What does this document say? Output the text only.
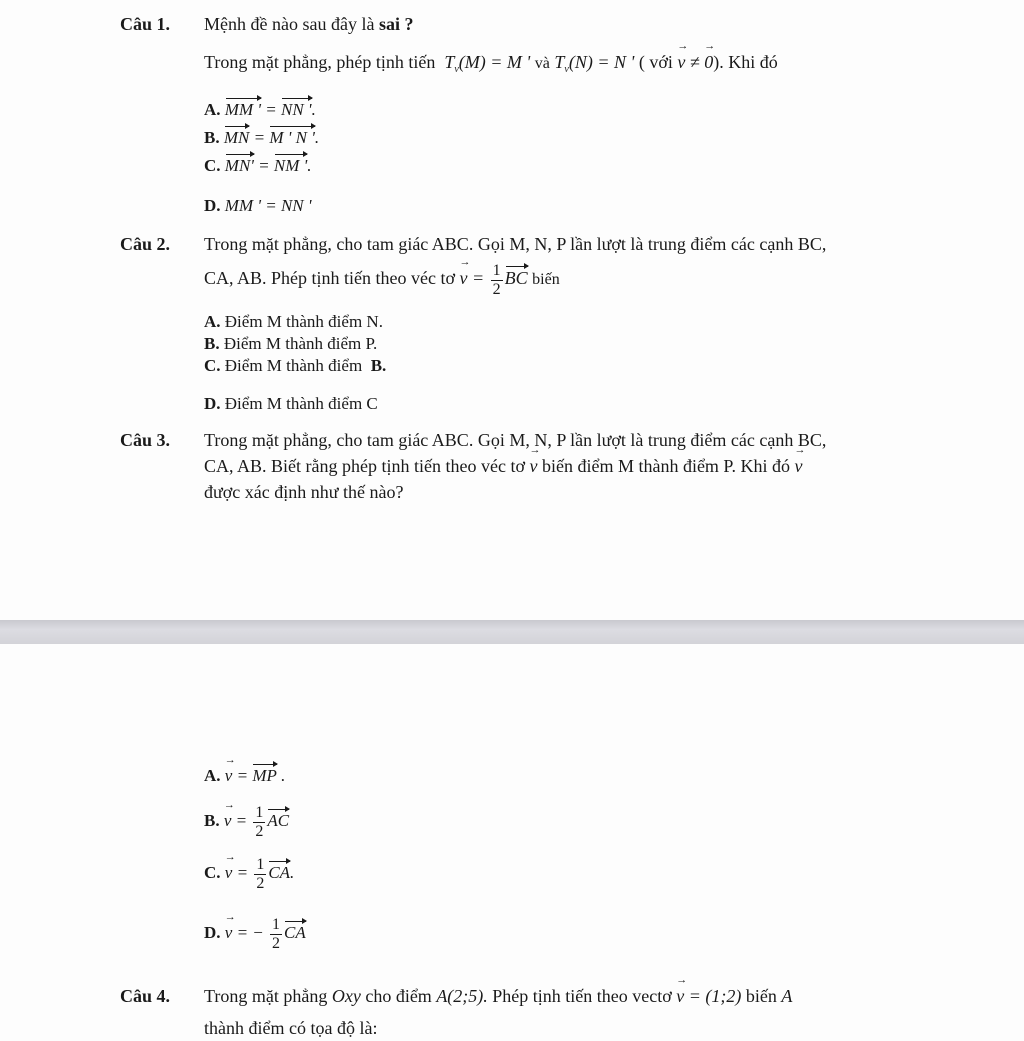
Câu 1. Mệnh đề nào sau đây là sai ?
Trong mặt phẳng, phép tịnh tiến  $T_v(M) = M$ ' và $T_v(N) = N$ ' ( với v → ≠ 0 →). Khi đó
A. MM ' = NN '.
B. MN = M ' N '.
C. MN' = NM '.
D. MM ' = NN '
Câu 2. Trong mặt phẳng, cho tam giác ABC. Gọi M, N, P lần lượt là trung điểm các cạnh BC,
CA, AB. Phép tịnh tiến theo véc tơ v → = $\frac{1}{2}$ BC biến
A. Điểm M thành điểm N.
B. Điểm M thành điểm P.
C. Điểm M thành điểm B.
D. Điểm M thành điểm C
Câu 3. Trong mặt phẳng, cho tam giác ABC. Gọi M, N, P lần lượt là trung điểm các cạnh BC,
CA, AB. Biết rằng phép tịnh tiến theo véc tơ v → biến điểm M thành điểm P. Khi đó v →
được xác định như thế nào?
A. v → = MP .
B. v → = $\frac{1}{2}$ AC
C. v → = $\frac{1}{2}$ CA.
D. v → = − $\frac{1}{2}$ CA
Câu 4. Trong mặt phẳng Oxy cho điểm A(2;5). Phép tịnh tiến theo vectơ v → = (1;2) biến A
thành điểm có tọa độ là:
